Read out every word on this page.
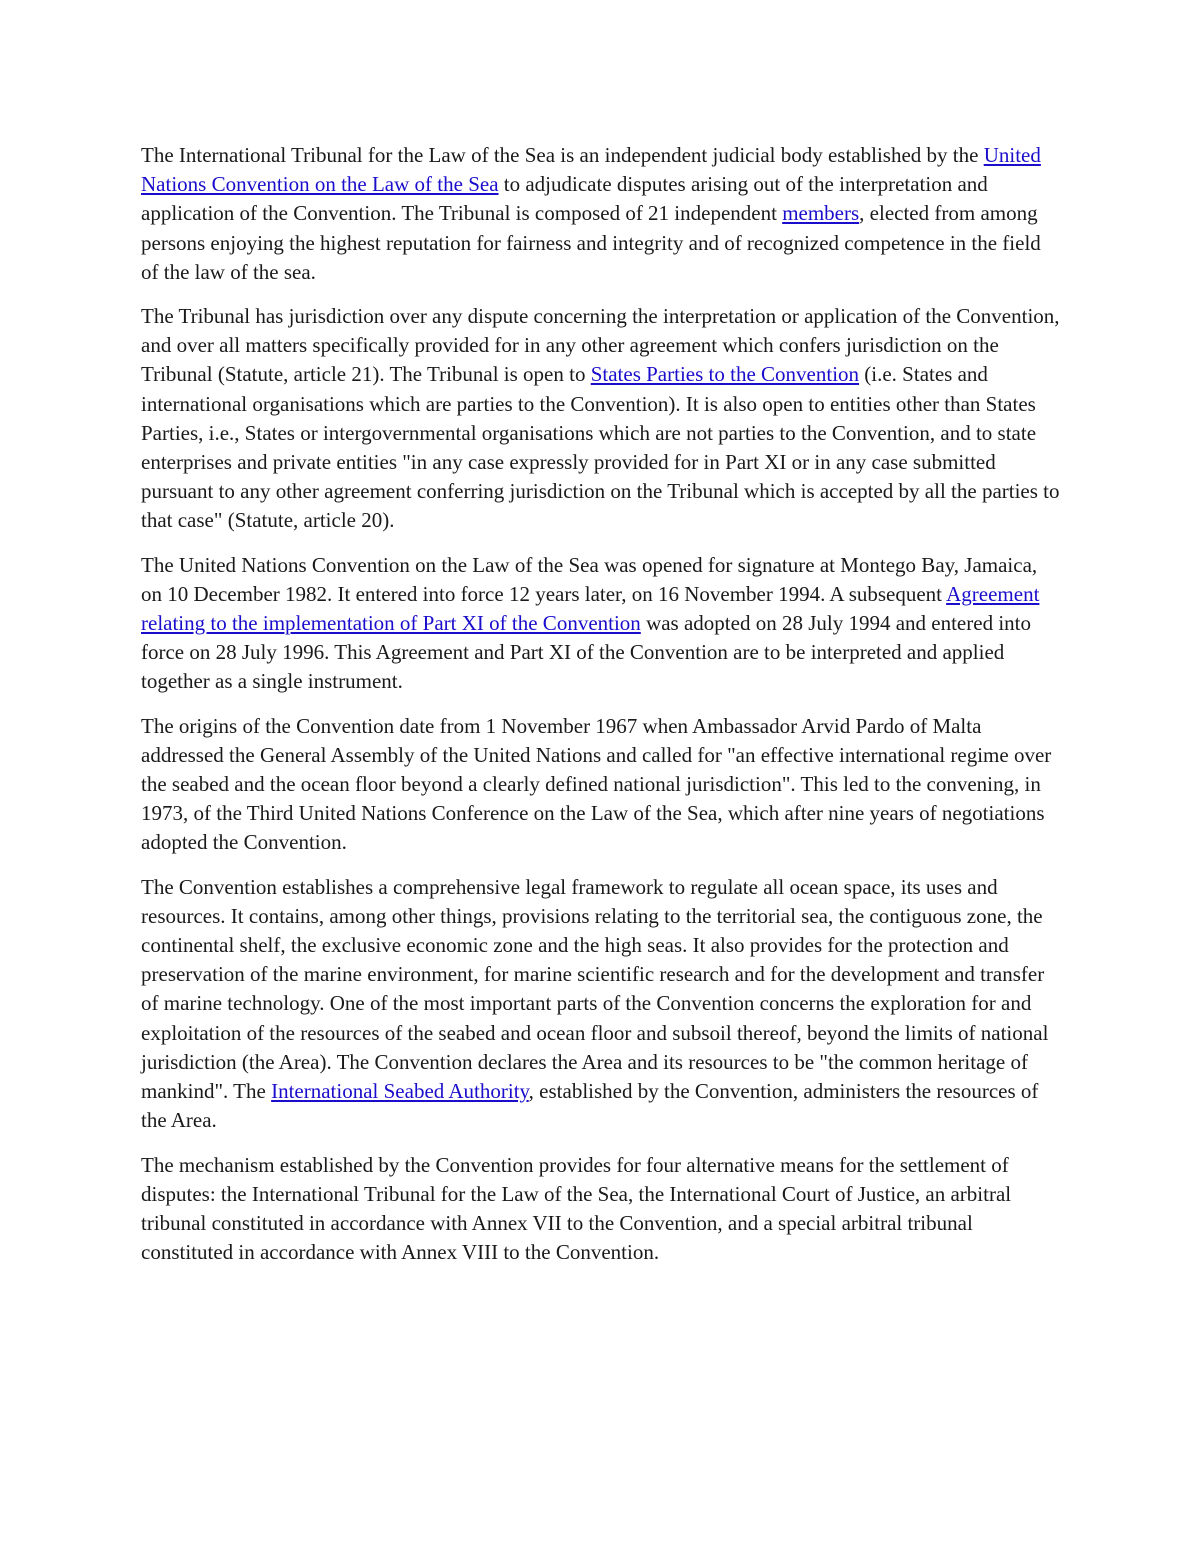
The International Tribunal for the Law of the Sea is an independent judicial body established by the United Nations Convention on the Law of the Sea to adjudicate disputes arising out of the interpretation and application of the Convention. The Tribunal is composed of 21 independent members, elected from among persons enjoying the highest reputation for fairness and integrity and of recognized competence in the field of the law of the sea.

The Tribunal has jurisdiction over any dispute concerning the interpretation or application of the Convention, and over all matters specifically provided for in any other agreement which confers jurisdiction on the Tribunal (Statute, article 21). The Tribunal is open to States Parties to the Convention (i.e. States and international organisations which are parties to the Convention). It is also open to entities other than States Parties, i.e., States or intergovernmental organisations which are not parties to the Convention, and to state enterprises and private entities "in any case expressly provided for in Part XI or in any case submitted pursuant to any other agreement conferring jurisdiction on the Tribunal which is accepted by all the parties to that case" (Statute, article 20).

The United Nations Convention on the Law of the Sea was opened for signature at Montego Bay, Jamaica, on 10 December 1982. It entered into force 12 years later, on 16 November 1994. A subsequent Agreement relating to the implementation of Part XI of the Convention was adopted on 28 July 1994 and entered into force on 28 July 1996. This Agreement and Part XI of the Convention are to be interpreted and applied together as a single instrument.

The origins of the Convention date from 1 November 1967 when Ambassador Arvid Pardo of Malta addressed the General Assembly of the United Nations and called for "an effective international regime over the seabed and the ocean floor beyond a clearly defined national jurisdiction". This led to the convening, in 1973, of the Third United Nations Conference on the Law of the Sea, which after nine years of negotiations adopted the Convention.

The Convention establishes a comprehensive legal framework to regulate all ocean space, its uses and resources. It contains, among other things, provisions relating to the territorial sea, the contiguous zone, the continental shelf, the exclusive economic zone and the high seas. It also provides for the protection and preservation of the marine environment, for marine scientific research and for the development and transfer of marine technology. One of the most important parts of the Convention concerns the exploration for and exploitation of the resources of the seabed and ocean floor and subsoil thereof, beyond the limits of national jurisdiction (the Area). The Convention declares the Area and its resources to be "the common heritage of mankind". The International Seabed Authority, established by the Convention, administers the resources of the Area.

The mechanism established by the Convention provides for four alternative means for the settlement of disputes: the International Tribunal for the Law of the Sea, the International Court of Justice, an arbitral tribunal constituted in accordance with Annex VII to the Convention, and a special arbitral tribunal constituted in accordance with Annex VIII to the Convention.
